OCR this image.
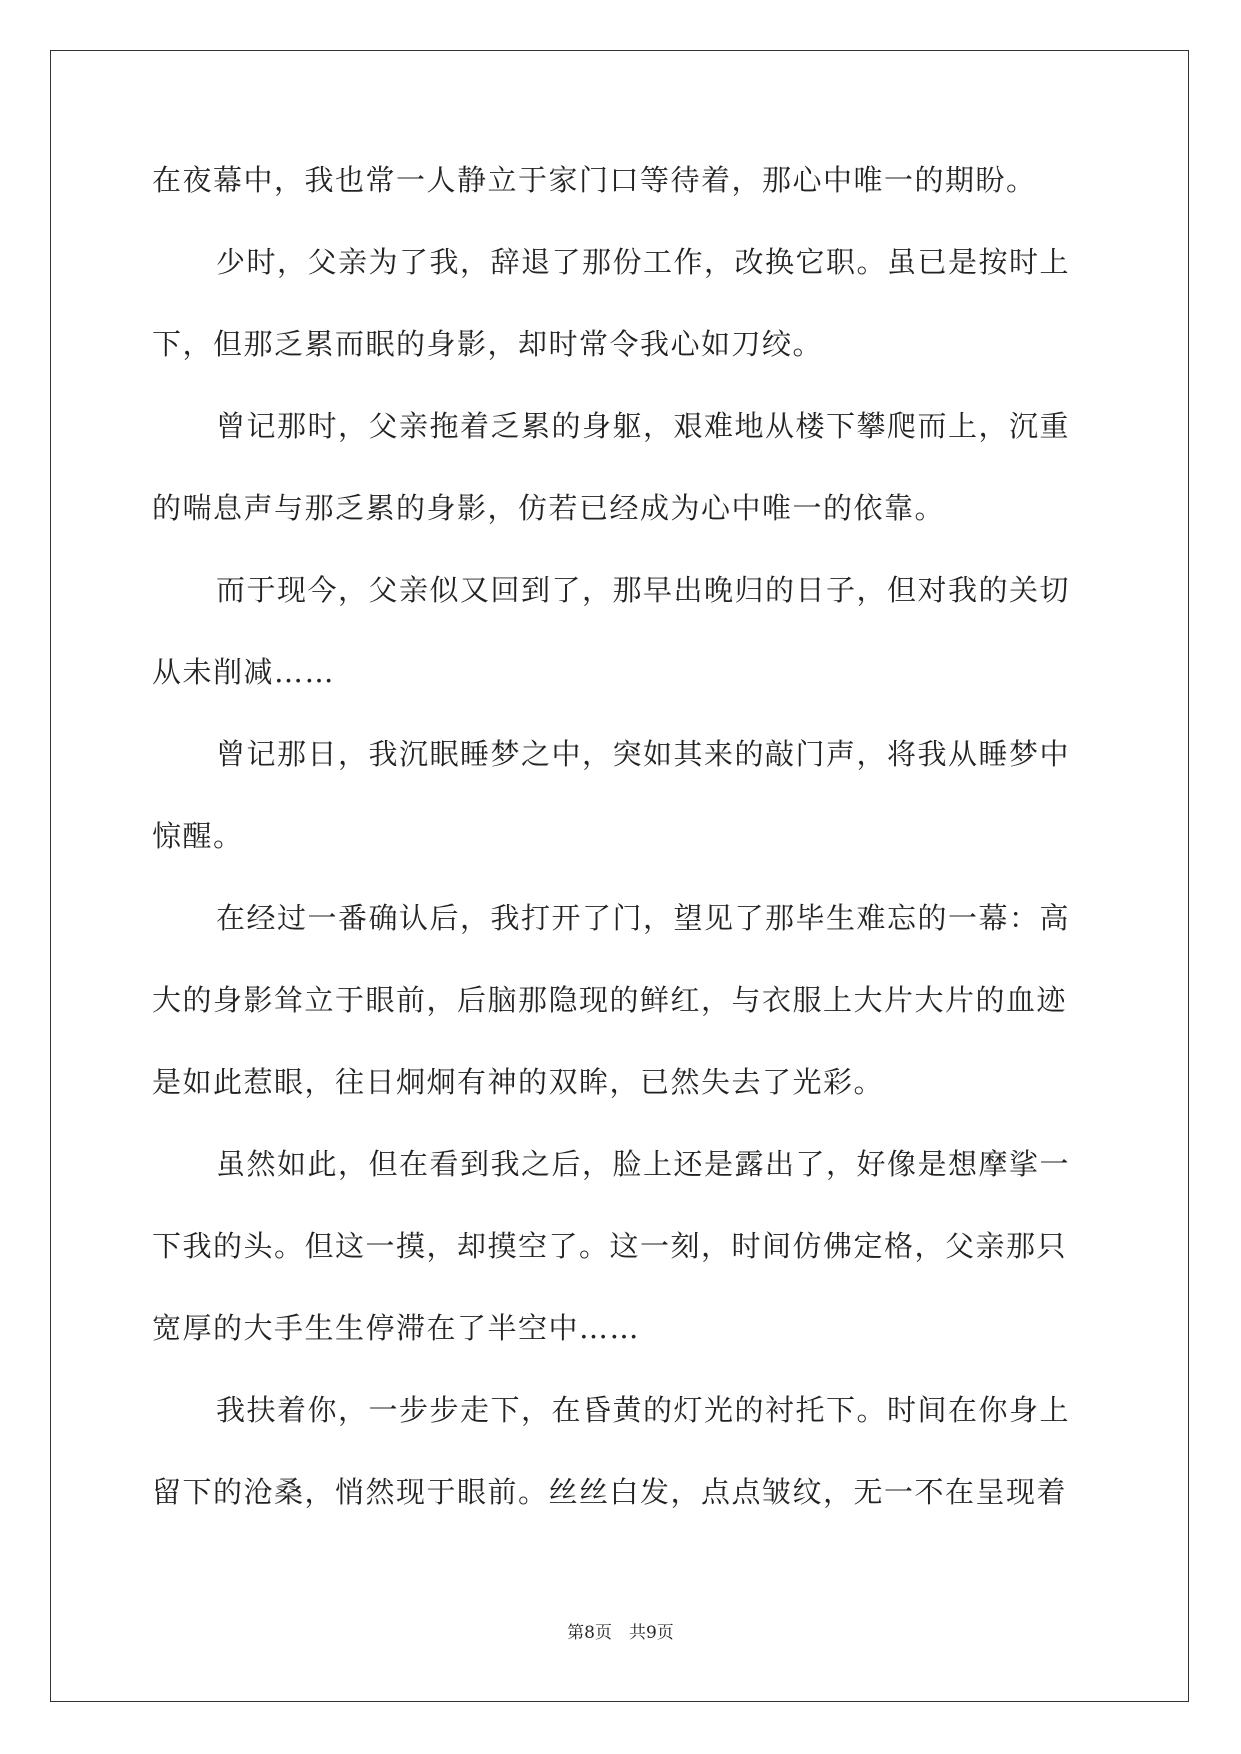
在夜幕中，我也常一人静立于家门口等待着，那心中唯一的期盼。
少时，父亲为了我，辞退了那份工作，改换它职。虽已是按时上
下，但那乏累而眠的身影，却时常令我心如刀绞。
曾记那时，父亲拖着乏累的身躯，艰难地从楼下攀爬而上，沉重
的喘息声与那乏累的身影，仿若已经成为心中唯一的依靠。
而于现今，父亲似又回到了，那早出晚归的日子，但对我的关切
从未削减……
曾记那日，我沉眠睡梦之中，突如其来的敲门声，将我从睡梦中
惊醒。
在经过一番确认后，我打开了门，望见了那毕生难忘的一幕：高
大的身影耸立于眼前，后脑那隐现的鲜红，与衣服上大片大片的血迹
是如此惹眼，往日炯炯有神的双眸，已然失去了光彩。
虽然如此，但在看到我之后，脸上还是露出了，好像是想摩挲一
下我的头。但这一摸，却摸空了。这一刻，时间仿佛定格，父亲那只
宽厚的大手生生停滞在了半空中……
我扶着你，一步步走下，在昏黄的灯光的衬托下。时间在你身上
留下的沧桑，悄然现于眼前。丝丝白发，点点皱纹，无一不在呈现着
第8页　共9页
